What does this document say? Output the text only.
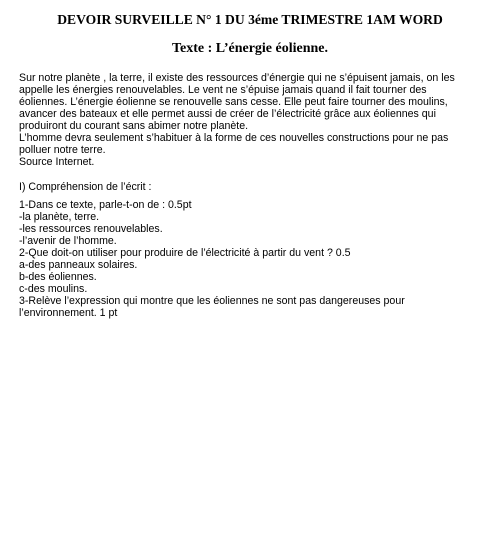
DEVOIR SURVEILLE N° 1 DU 3éme TRIMESTRE 1AM WORD
Texte : L’énergie éolienne.
Sur notre planète , la terre, il existe des ressources d’énergie qui ne s’épuisent jamais, on les
appelle les énergies renouvelables. Le vent ne s’épuise jamais quand il fait tourner des
éoliennes. L’énergie éolienne se renouvelle sans cesse. Elle peut faire tourner des moulins,
avancer des bateaux et elle permet aussi de créer de l’électricité grâce aux éoliennes qui
produiront du courant sans abimer notre planète.
L’homme devra seulement s’habituer à la forme de ces nouvelles constructions pour ne pas
polluer notre terre.
Source Internet.
I) Compréhension de l’écrit :
1-Dans ce texte, parle-t-on de : 0.5pt
-la planète, terre.
-les ressources renouvelables.
-l’avenir de l’homme.
2-Que doit-on utiliser pour produire de l’électricité à partir du vent ? 0.5
a-des panneaux solaires.
b-des éoliennes.
c-des moulins.
3-Relève l’expression qui montre que les éoliennes ne sont pas dangereuses pour
l’environnement. 1 pt
